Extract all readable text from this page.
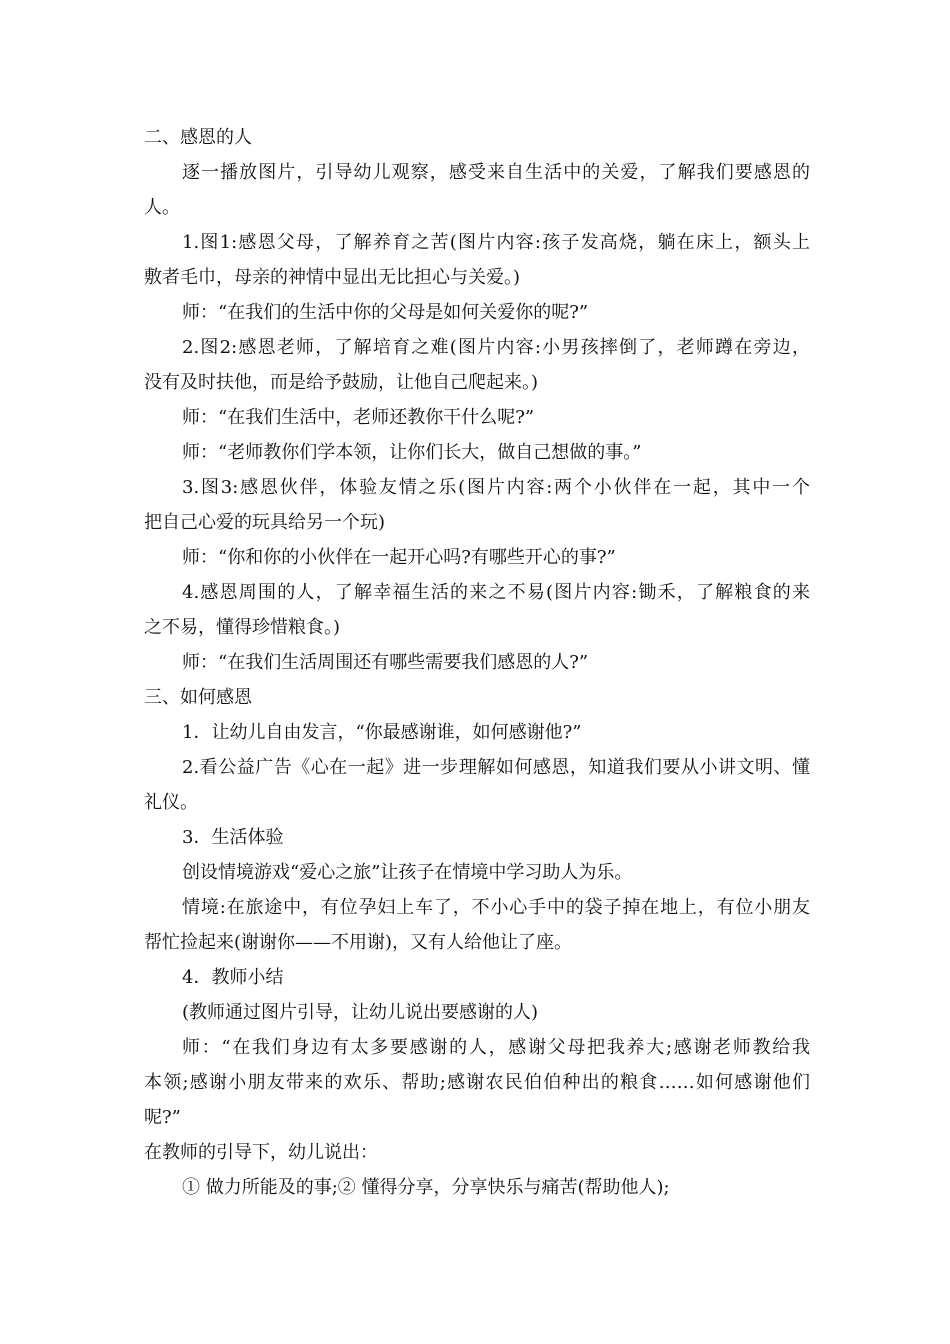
二、感恩的人
逐一播放图片，引导幼儿观察，感受来自生活中的关爱，了解我们要感恩的
人。
1.图1:感恩父母，了解养育之苦(图片内容:孩子发高烧，躺在床上，额头上
敷者毛巾，母亲的神情中显出无比担心与关爱。)
师：“在我们的生活中你的父母是如何关爱你的呢?”
2.图2:感恩老师，了解培育之难(图片内容:小男孩摔倒了，老师蹲在旁边，
没有及时扶他，而是给予鼓励，让他自己爬起来。)
师：“在我们生活中，老师还教你干什么呢?”
师：“老师教你们学本领，让你们长大，做自己想做的事。”
3.图3:感恩伙伴，体验友情之乐(图片内容:两个小伙伴在一起，其中一个
把自己心爱的玩具给另一个玩)
师：“你和你的小伙伴在一起开心吗?有哪些开心的事?”
4.感恩周围的人，了解幸福生活的来之不易(图片内容:锄禾，了解粮食的来
之不易，懂得珍惜粮食。)
师：“在我们生活周围还有哪些需要我们感恩的人?”
三、如何感恩
1．让幼儿自由发言，“你最感谢谁，如何感谢他?”
2.看公益广告《心在一起》进一步理解如何感恩，知道我们要从小讲文明、懂
礼仪。
3．生活体验
创设情境游戏“爱心之旅”让孩子在情境中学习助人为乐。
情境:在旅途中，有位孕妇上车了，不小心手中的袋子掉在地上，有位小朋友
帮忙捡起来(谢谢你——不用谢)，又有人给他让了座。
4．教师小结
(教师通过图片引导，让幼儿说出要感谢的人)
师：“在我们身边有太多要感谢的人，感谢父母把我养大;感谢老师教给我
本领;感谢小朋友带来的欢乐、帮助;感谢农民伯伯种出的粮食……如何感谢他们
呢?”
在教师的引导下，幼儿说出：
① 做力所能及的事;② 懂得分享，分享快乐与痛苦(帮助他人);
